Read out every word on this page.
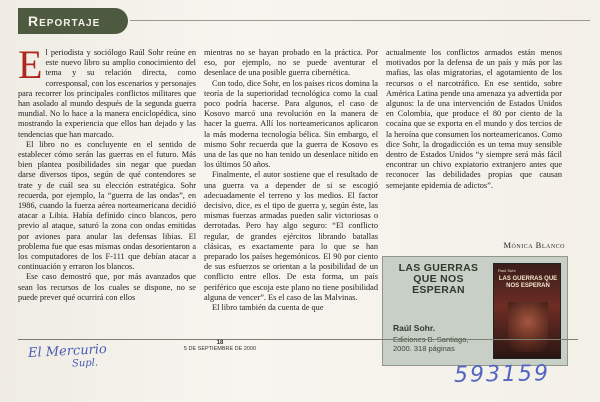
Reportaje

El periodista y sociólogo Raúl Sohr reúne en este nuevo libro su amplio conocimiento del tema y su relación directa, como corresponsal, con los escenarios y personajes para recorrer los principales conflictos militares que han asolado al mundo después de la segunda guerra mundial. No lo hace a la manera enciclopédica, sino mostrando la experiencia que ellos han dejado y las tendencias que han marcado.

El libro no es concluyente en el sentido de establecer cómo serán las guerras en el futuro. Más bien plantea posibilidades sin negar que puedan darse diversos tipos, según de qué contendores se trate y de cuál sea su elección estratégica. Sohr recuerda, por ejemplo, la “guerra de las ondas”, en 1986, cuando la fuerza aérea norteamericana decidió atacar a Libia. Había definido cinco blancos, pero previo al ataque, saturó la zona con ondas emitidas por aviones para anular las defensas libias. El problema fue que esas mismas ondas desorientaron a los computadores de los F-111 que debían atacar a continuación y erraron los blancos.

Ese caso demostró que, por más avanzados que sean los recursos de los cuales se dispone, no se puede prever qué ocurrirá con ellos

mientras no se hayan probado en la práctica. Por eso, por ejemplo, no se puede aventurar el desenlace de una posible guerra cibernética.

Con todo, dice Sohr, en los países ricos domina la teoría de la superioridad tecnológica como la cual poco podría hacerse. Para algunos, el caso de Kosovo marcó una revolución en la manera de hacer la guerra. Allí los norteamericanos aplicaron la más moderna tecnología bélica. Sin embargo, el mismo Sohr recuerda que la guerra de Kosovo es una de las que no han tenido un desenlace nítido en los últimos 50 años.

Finalmente, el autor sostiene que el resultado de una guerra va a depender de si se escogió adecuadamente el terreno y los medios. El factor decisivo, dice, es el tipo de guerra y, según éste, las mismas fuerzas armadas pueden salir victoriosas o derrotadas. Pero hay algo seguro: “El conflicto regular, de grandes ejércitos librando batallas clásicas, es exactamente para lo que se han preparado los países hegemónicos. El 90 por ciento de sus esfuerzos se orientan a la posibilidad de un conflicto entre ellos. De esta forma, un país periférico que escoja este plano no tiene posibilidad alguna de vencer”. Es el caso de las Malvinas.

El libro también da cuenta de que

actualmente los conflictos armados están menos motivados por la defensa de un país y más por las mafias, las olas migratorias, el agotamiento de los recursos o el narcotráfico. En ese sentido, sobre América Latina pende una amenaza ya advertida por algunos: la de una intervención de Estados Unidos en Colombia, que produce el 80 por ciento de la cocaína que se exporta en el mundo y dos tercios de la heroína que consumen los norteamericanos. Como dice Sohr, la drogadicción es un tema muy sensible dentro de Estados Unidos “y siempre será más fácil encontrar un chivo expiatorio extranjero antes que reconocer las debilidades propias que causan semejante epidemia de adictos”.

Mónica Blanco
LAS GUERRAS QUE NOS ESPERAN
Raúl Sohr.
2000. 318 páginas
Raúl Sohr
LAS GUERRAS QUE NOS ESPERAN
18
5 DE SEPTIEMBRE DE 2000
El Mercurio
Supl.	593159
